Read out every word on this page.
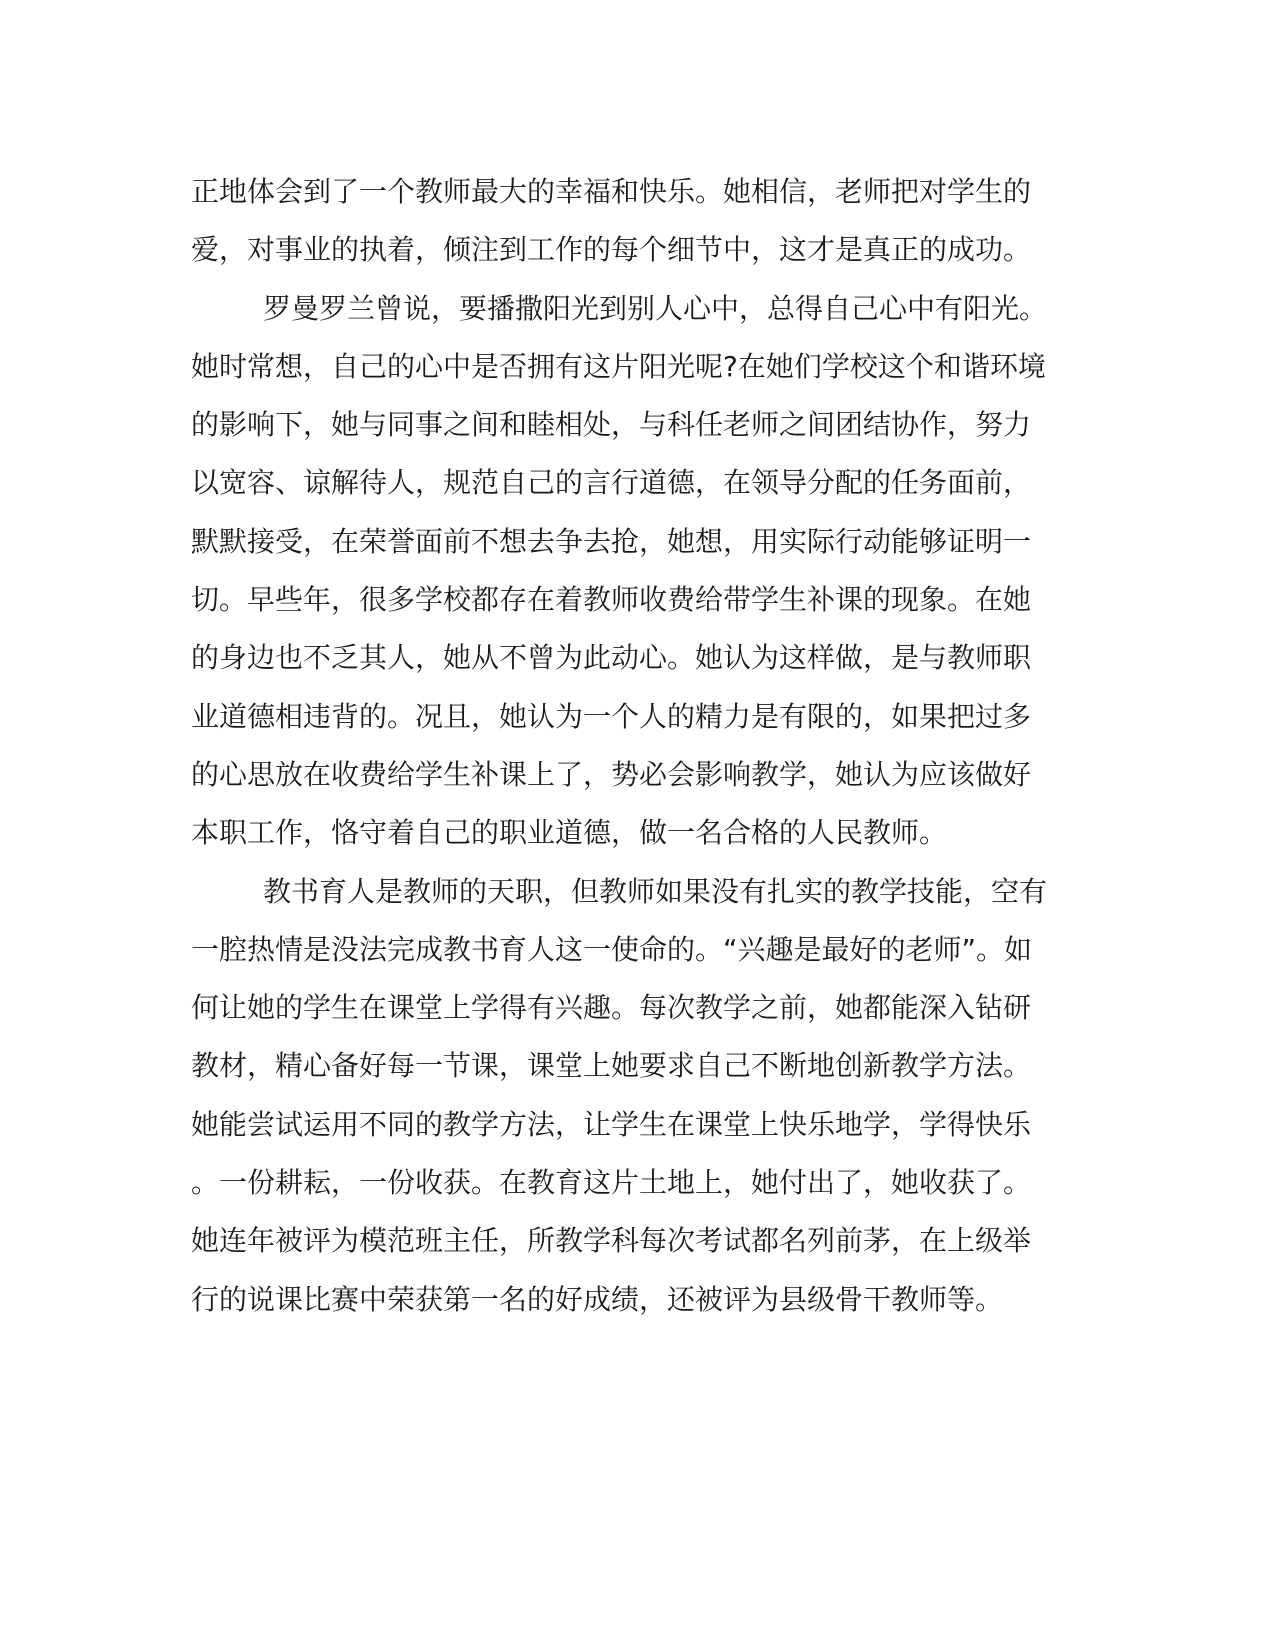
正地体会到了一个教师最大的幸福和快乐。她相信，老师把对学生的
爱，对事业的执着，倾注到工作的每个细节中，这才是真正的成功。
罗曼罗兰曾说，要播撒阳光到别人心中，总得自己心中有阳光。
她时常想，自己的心中是否拥有这片阳光呢?在她们学校这个和谐环境
的影响下，她与同事之间和睦相处，与科任老师之间团结协作，努力
以宽容、谅解待人，规范自己的言行道德，在领导分配的任务面前，
默默接受，在荣誉面前不想去争去抢，她想，用实际行动能够证明一
切。早些年，很多学校都存在着教师收费给带学生补课的现象。在她
的身边也不乏其人，她从不曾为此动心。她认为这样做，是与教师职
业道德相违背的。况且，她认为一个人的精力是有限的，如果把过多
的心思放在收费给学生补课上了，势必会影响教学，她认为应该做好
本职工作，恪守着自己的职业道德，做一名合格的人民教师。
教书育人是教师的天职，但教师如果没有扎实的教学技能，空有
一腔热情是没法完成教书育人这一使命的。“兴趣是最好的老师”。如
何让她的学生在课堂上学得有兴趣。每次教学之前，她都能深入钻研
教材，精心备好每一节课，课堂上她要求自己不断地创新教学方法。
她能尝试运用不同的教学方法，让学生在课堂上快乐地学，学得快乐
。一份耕耘，一份收获。在教育这片土地上，她付出了，她收获了。
她连年被评为模范班主任，所教学科每次考试都名列前茅，在上级举
行的说课比赛中荣获第一名的好成绩，还被评为县级骨干教师等。
